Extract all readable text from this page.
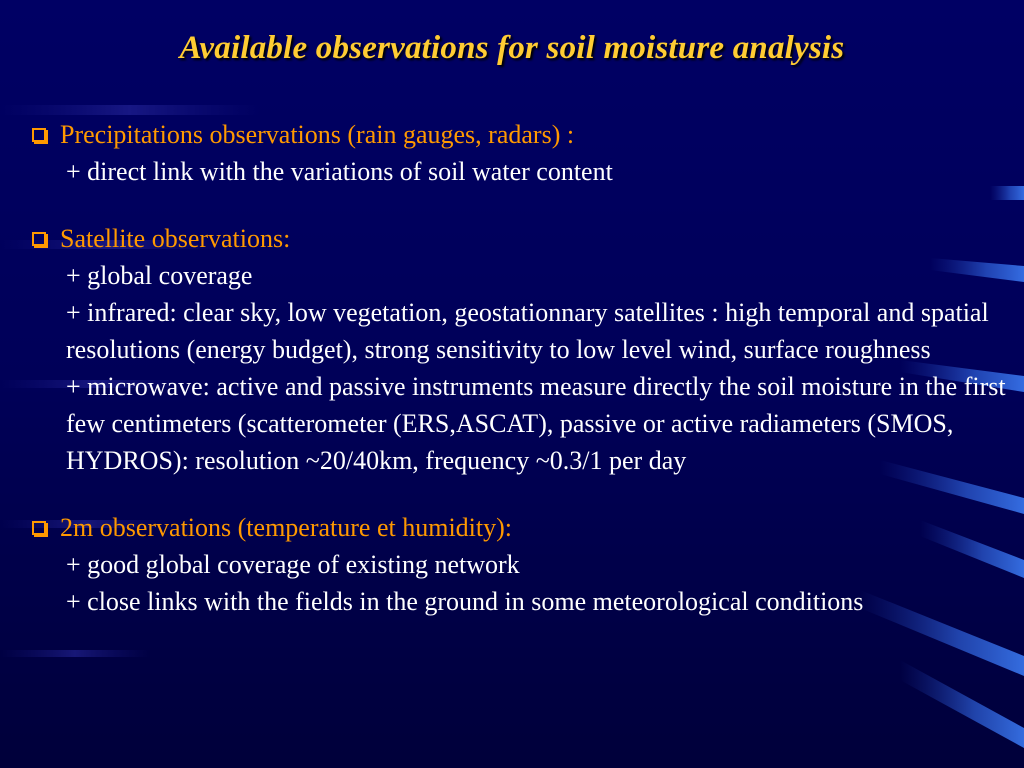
Available observations for soil moisture analysis
Precipitations observations (rain gauges, radars) :
+ direct link with the variations of soil water content
Satellite observations:
+ global coverage
+ infrared: clear sky, low vegetation, geostationnary satellites : high temporal and spatial resolutions (energy budget), strong sensitivity to low level wind, surface roughness
+ microwave: active and passive instruments measure directly the soil moisture in the first few centimeters (scatterometer (ERS,ASCAT), passive or active radiameters (SMOS, HYDROS): resolution ~20/40km, frequency ~0.3/1 per day
2m observations (temperature et humidity):
+ good global coverage of existing network
+ close links with the fields in the ground in some meteorological conditions
